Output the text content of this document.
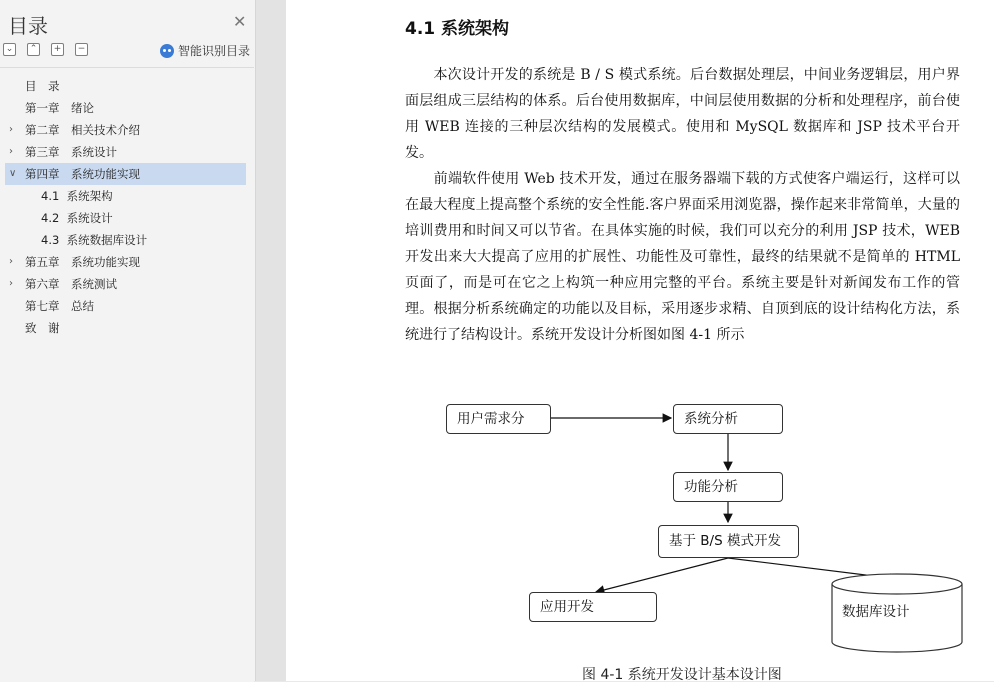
目录	✕
⌄	⌃	+	−	智能识别目录
目　录
第一章　绪论
›	第二章　相关技术介绍
›	第三章　系统设计
∨ 第四章　系统功能实现
4.1  系统架构
4.2  系统设计
4.3  系统数据库设计
›	第五章　系统功能实现
›	第六章　系统测试
第七章　总结
致　谢
4.1 系统架构

　　本次设计开发的系统是 B / S 模式系统。后台数据处理层，中间业务逻辑层，用户界面层组成三层结构的体系。后台使用数据库，中间层使用数据的分析和处理程序，前台使用 WEB 连接的三种层次结构的发展模式。使用和 MySQL 数据库和 JSP 技术平台开发。

　　前端软件使用 Web 技术开发，通过在服务器端下载的方式使客户端运行，这样可以在最大程度上提高整个系统的安全性能.客户界面采用浏览器，操作起来非常简单，大量的培训费用和时间又可以节省。在具体实施的时候，我们可以充分的利用 JSP 技术，WEB 开发出来大大提高了应用的扩展性、功能性及可靠性，最终的结果就不是简单的 HTML 页面了，而是可在它之上构筑一种应用完整的平台。系统主要是针对新闻发布工作的管理。根据分析系统确定的功能以及目标，采用逐步求精、自顶到底的设计结构化方法，系统进行了结构设计。系统开发设计分析图如图 4-1 所示

用户需求分	系统分析
功能分析
基于 B/S 模式开发
应用开发	数据库设计
图 4-1 系统开发设计基本设计图
